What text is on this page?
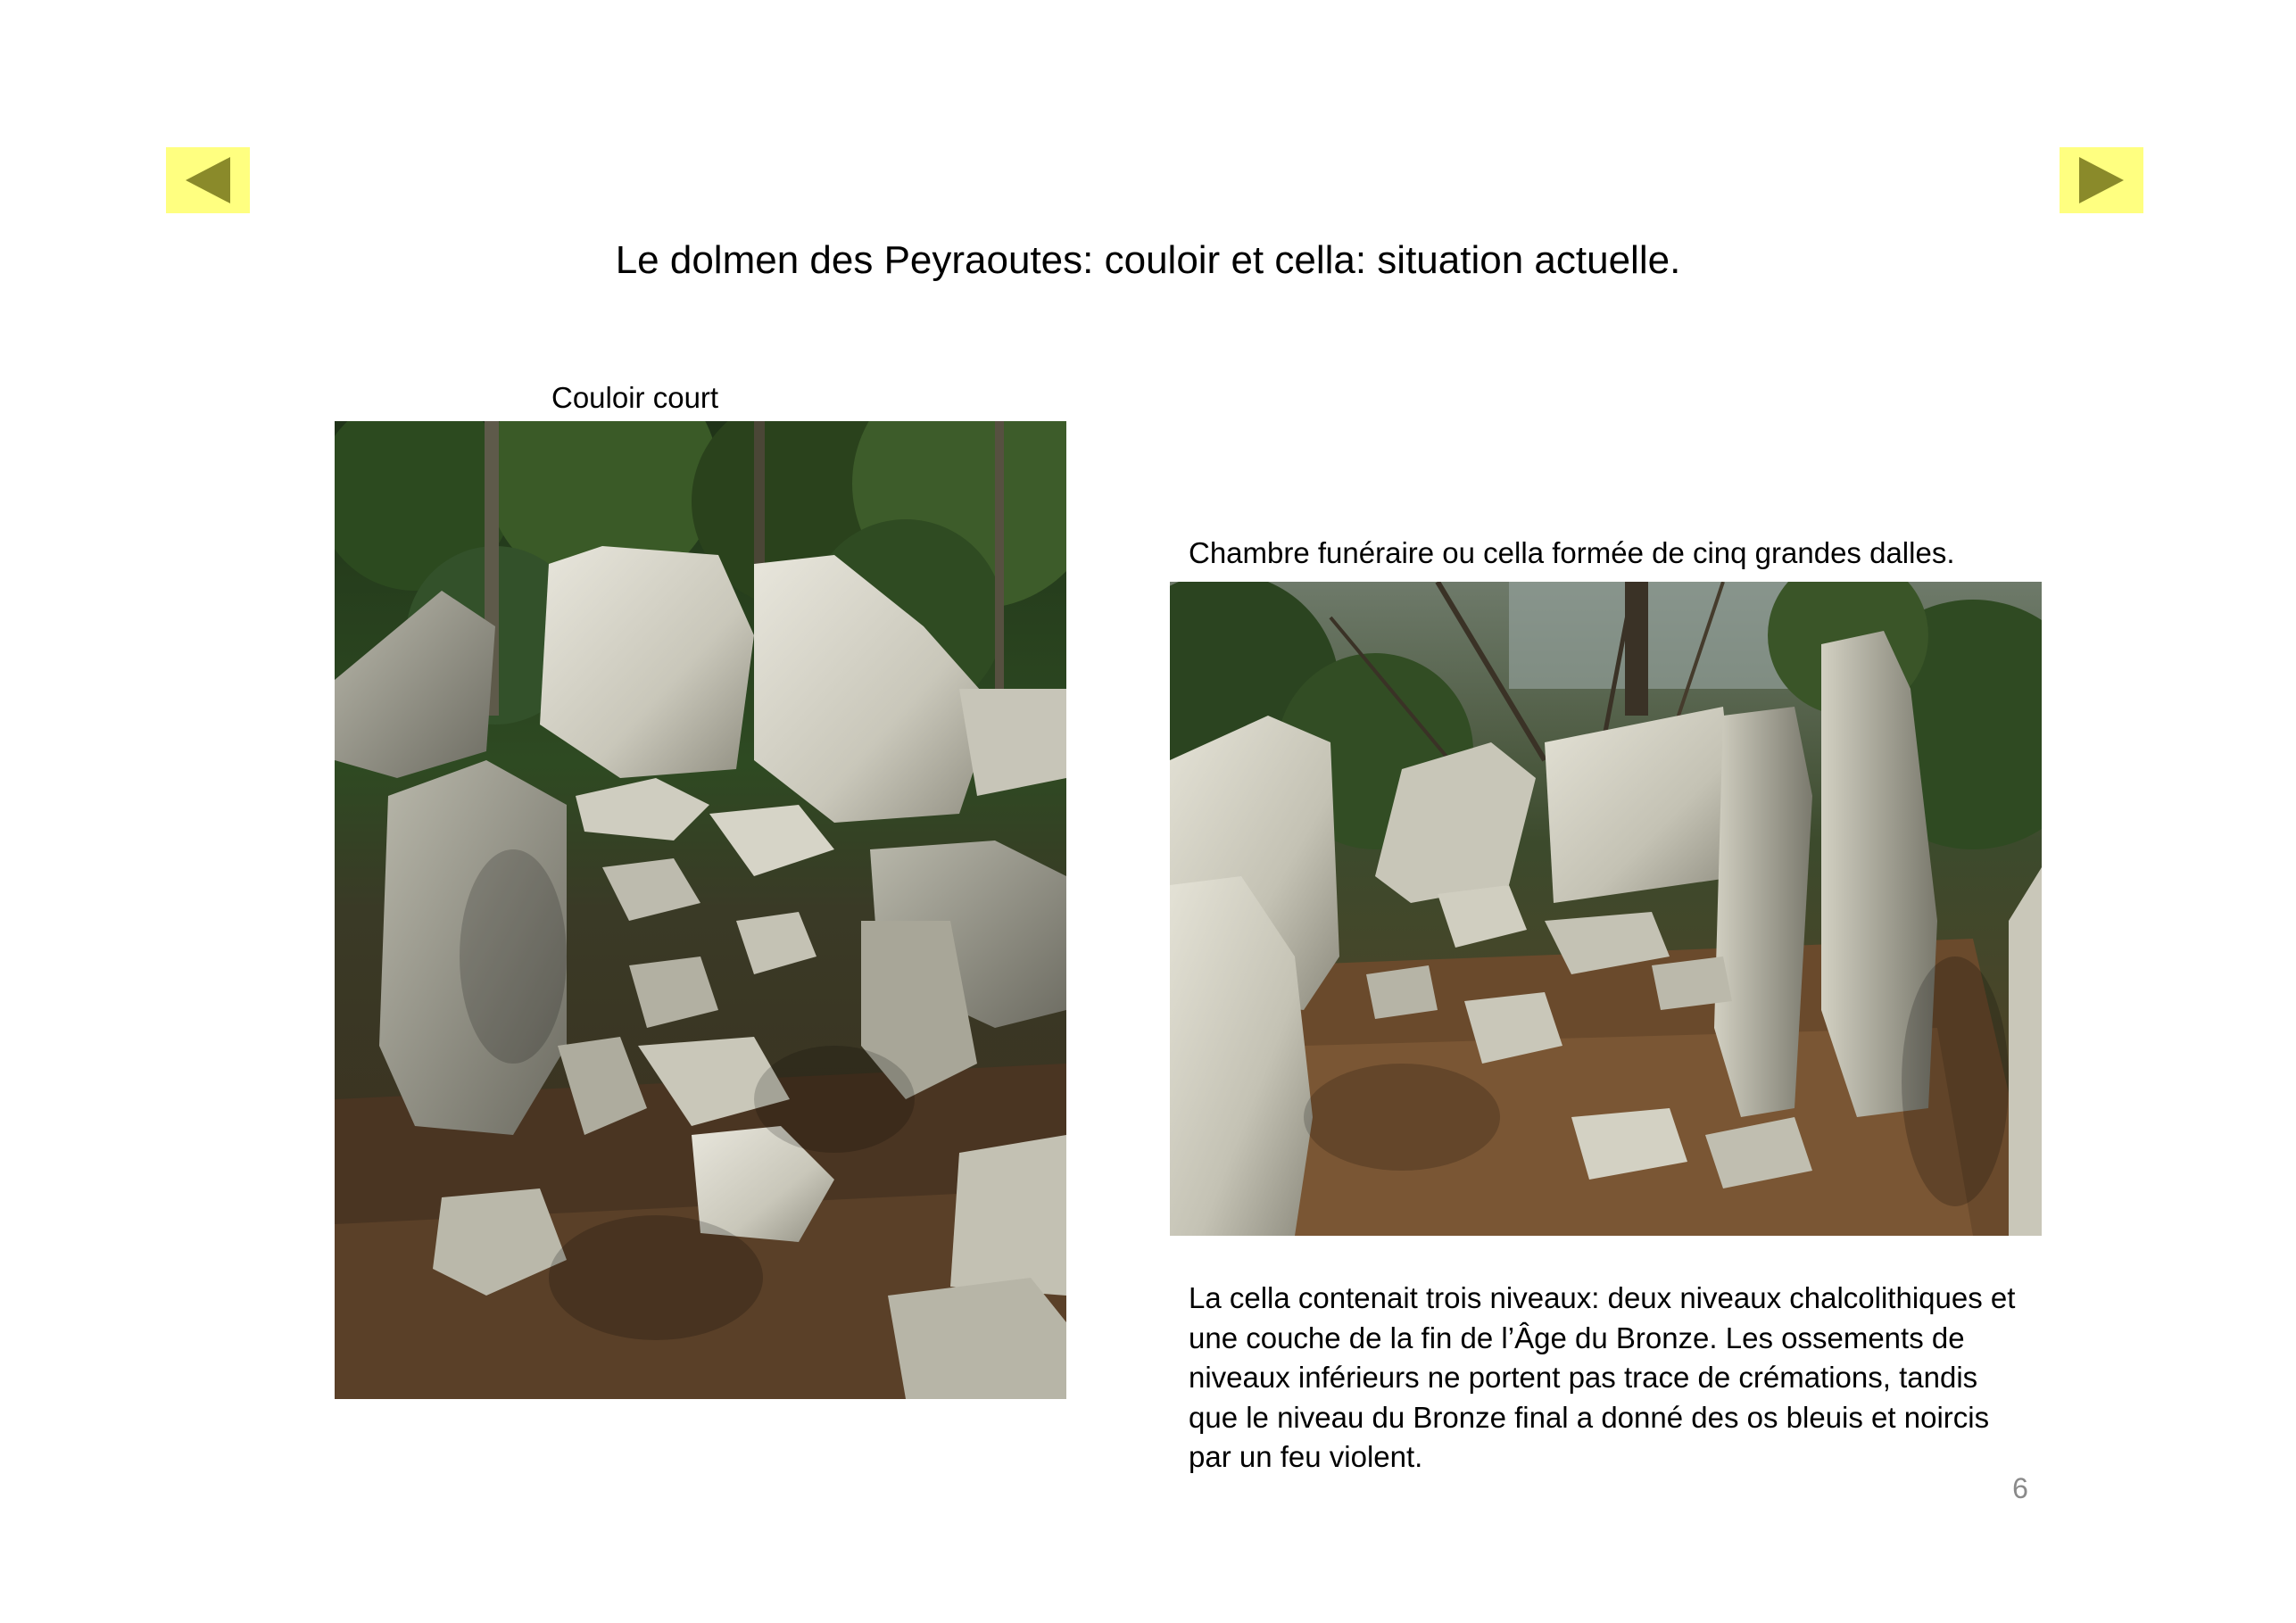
Le dolmen des Peyraoutes: couloir et cella: situation actuelle.
Couloir court
Chambre funéraire ou cella formée de cinq grandes dalles.
La cella contenait trois niveaux: deux niveaux chalcolithiques et
une couche de la fin de l’Âge du Bronze. Les ossements de
niveaux inférieurs ne portent pas trace de crémations, tandis
que le niveau du Bronze final a donné des os bleuis et noircis
par un feu violent.
6
